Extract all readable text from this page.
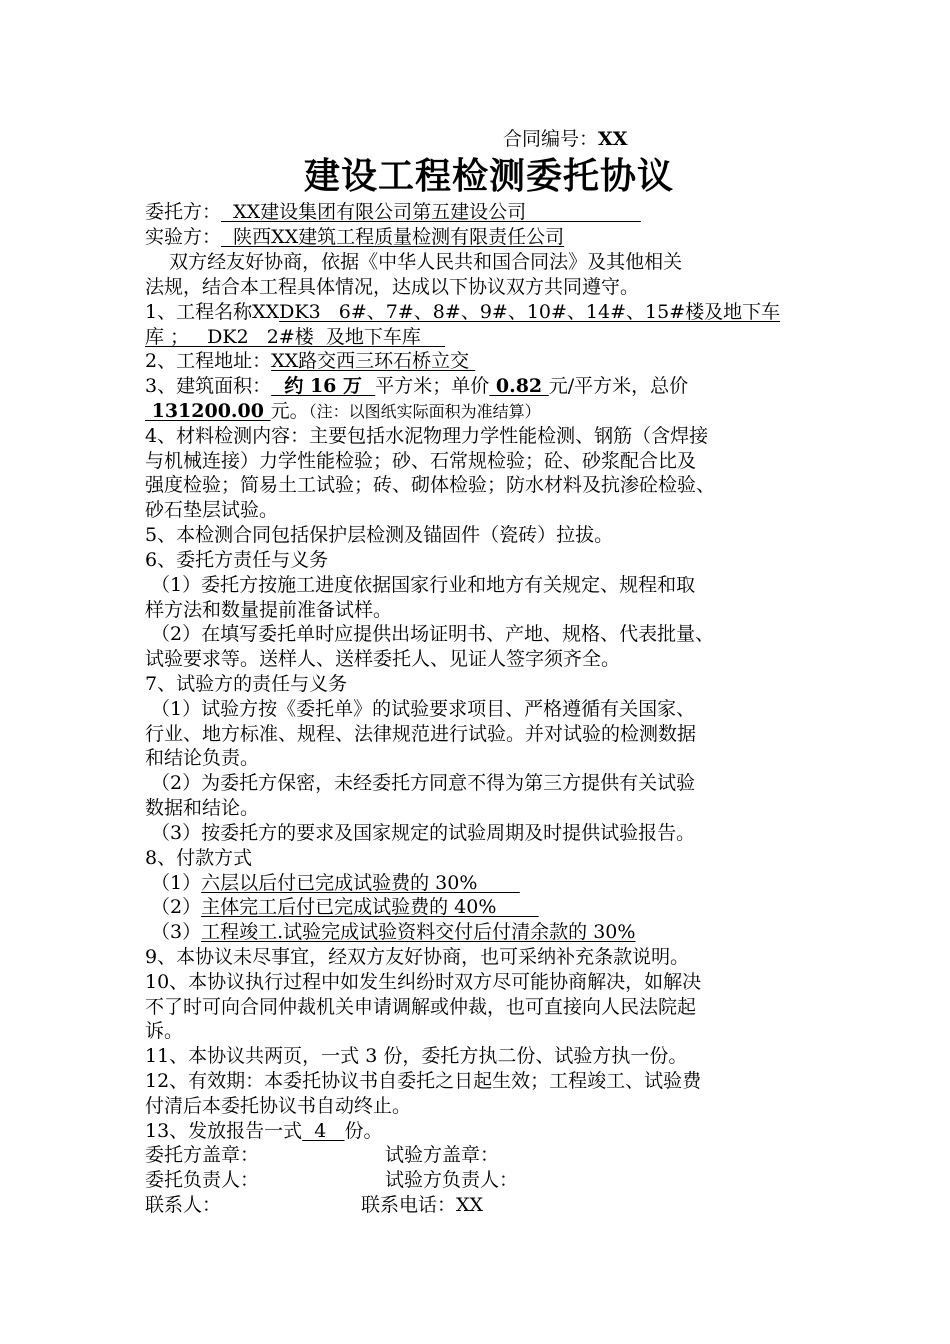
合同编号：XX
建设工程检测委托协议
委托方：  XX建设集团有限公司第五建设公司
实验方：  陕西XX建筑工程质量检测有限责任公司
双方经友好协商，依据《中华人民共和国合同法》及其他相关
法规，结合本工程具体情况，达成以下协议双方共同遵守。
1、工程名称XXDK3   6#、7#、8#、9#、10#、14#、15#楼及地下车
库 ；   DK2   2#楼  及地下车库
2、工程地址：XX路交西三环石桥立交
3、建筑面积：  约 16 万  平方米；单价 0.82 元/平方米，总价
131200.00 元。（注：以图纸实际面积为准结算）
4、材料检测内容：主要包括水泥物理力学性能检测、钢筋（含焊接
与机械连接）力学性能检验；砂、石常规检验；砼、砂浆配合比及
强度检验；简易土工试验；砖、砌体检验；防水材料及抗渗砼检验、
砂石垫层试验。
5、本检测合同包括保护层检测及锚固件（瓷砖）拉拔。
6、委托方责任与义务
（1）委托方按施工进度依据国家行业和地方有关规定、规程和取
样方法和数量提前准备试样。
（2）在填写委托单时应提供出场证明书、产地、规格、代表批量、
试验要求等。送样人、送样委托人、见证人签字须齐全。
7、试验方的责任与义务
（1）试验方按《委托单》的试验要求项目、严格遵循有关国家、
行业、地方标准、规程、法律规范进行试验。并对试验的检测数据
和结论负责。
（2）为委托方保密，未经委托方同意不得为第三方提供有关试验
数据和结论。
（3）按委托方的要求及国家规定的试验周期及时提供试验报告。
8、付款方式
（1）六层以后付已完成试验费的 30%
（2）主体完工后付已完成试验费的 40%
（3）工程竣工.试验完成试验资料交付后付清余款的 30%
9、本协议未尽事宜，经双方友好协商，也可采纳补充条款说明。
10、本协议执行过程中如发生纠纷时双方尽可能协商解决，如解决
不了时可向合同仲裁机关申请调解或仲裁，也可直接向人民法院起
诉。
11、本协议共两页，一式 3 份，委托方执二份、试验方执一份。
12、有效期：本委托协议书自委托之日起生效；工程竣工、试验费
付清后本委托协议书自动终止。
13、发放报告一式  4   份。
委托方盖章：	试验方盖章：
委托负责人：	试验方负责人：
联系人：	联系电话：XX
